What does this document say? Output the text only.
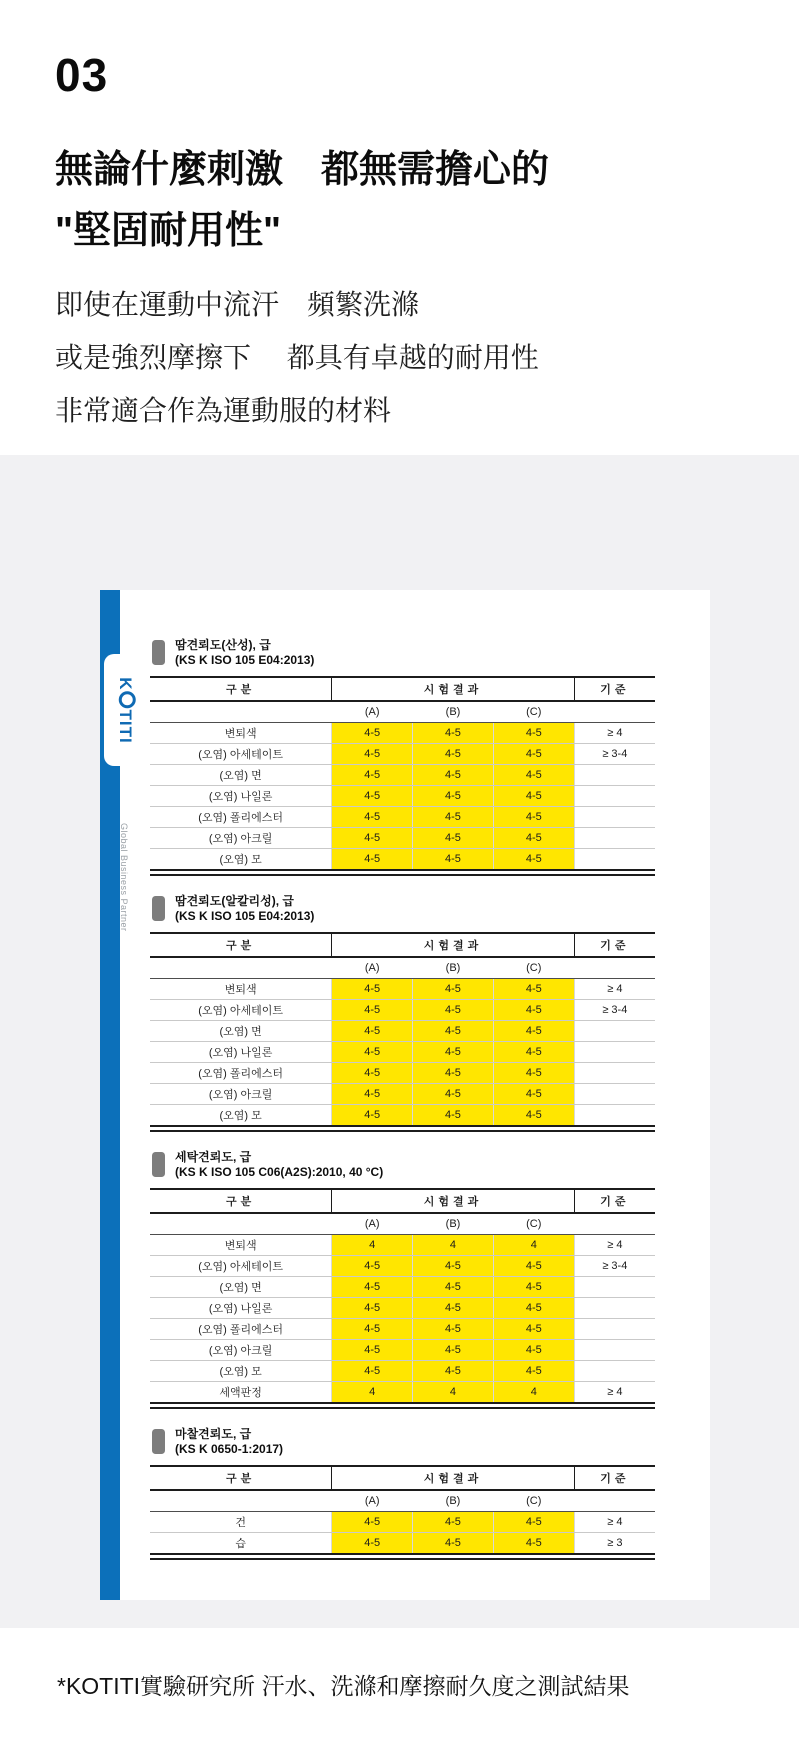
03
無論什麼刺激　都無需擔心的
"堅固耐用性"
即使在運動中流汗　頻繁洗滌
或是強烈摩擦下　 都具有卓越的耐用性
非常適合作為運動服的材料
KTITI
Global Business Partner
땀견뢰도(산성), 급
(KS K ISO 105 E04:2013)
구분	시험결과			기준
	(A)	(B)	(C)	
변퇴색	4-5	4-5	4-5	≥ 4
(오염) 아세테이트	4-5	4-5	4-5	≥ 3-4
(오염) 면	4-5	4-5	4-5	
(오염) 나일론	4-5	4-5	4-5	
(오염) 폴리에스터	4-5	4-5	4-5	
(오염) 아크릴	4-5	4-5	4-5	
(오염) 모	4-5	4-5	4-5	
땀견뢰도(알칼리성), 급
(KS K ISO 105 E04:2013)
구분	시험결과			기준
	(A)	(B)	(C)	
변퇴색	4-5	4-5	4-5	≥ 4
(오염) 아세테이트	4-5	4-5	4-5	≥ 3-4
(오염) 면	4-5	4-5	4-5	
(오염) 나일론	4-5	4-5	4-5	
(오염) 폴리에스터	4-5	4-5	4-5	
(오염) 아크릴	4-5	4-5	4-5	
(오염) 모	4-5	4-5	4-5	
세탁견뢰도, 급
(KS K ISO 105 C06(A2S):2010, 40 °C)
구분	시험결과			기준
	(A)	(B)	(C)	
변퇴색	4	4	4	≥ 4
(오염) 아세테이트	4-5	4-5	4-5	≥ 3-4
(오염) 면	4-5	4-5	4-5	
(오염) 나일론	4-5	4-5	4-5	
(오염) 폴리에스터	4-5	4-5	4-5	
(오염) 아크릴	4-5	4-5	4-5	
(오염) 모	4-5	4-5	4-5	
세액판정	4	4	4	≥ 4
마찰견뢰도, 급
(KS K 0650-1:2017)
구분	시험결과			기준
	(A)	(B)	(C)	
건	4-5	4-5	4-5	≥ 4
습	4-5	4-5	4-5	≥ 3
*KOTITI實驗研究所 汗水、洗滌和摩擦耐久度之測試結果
